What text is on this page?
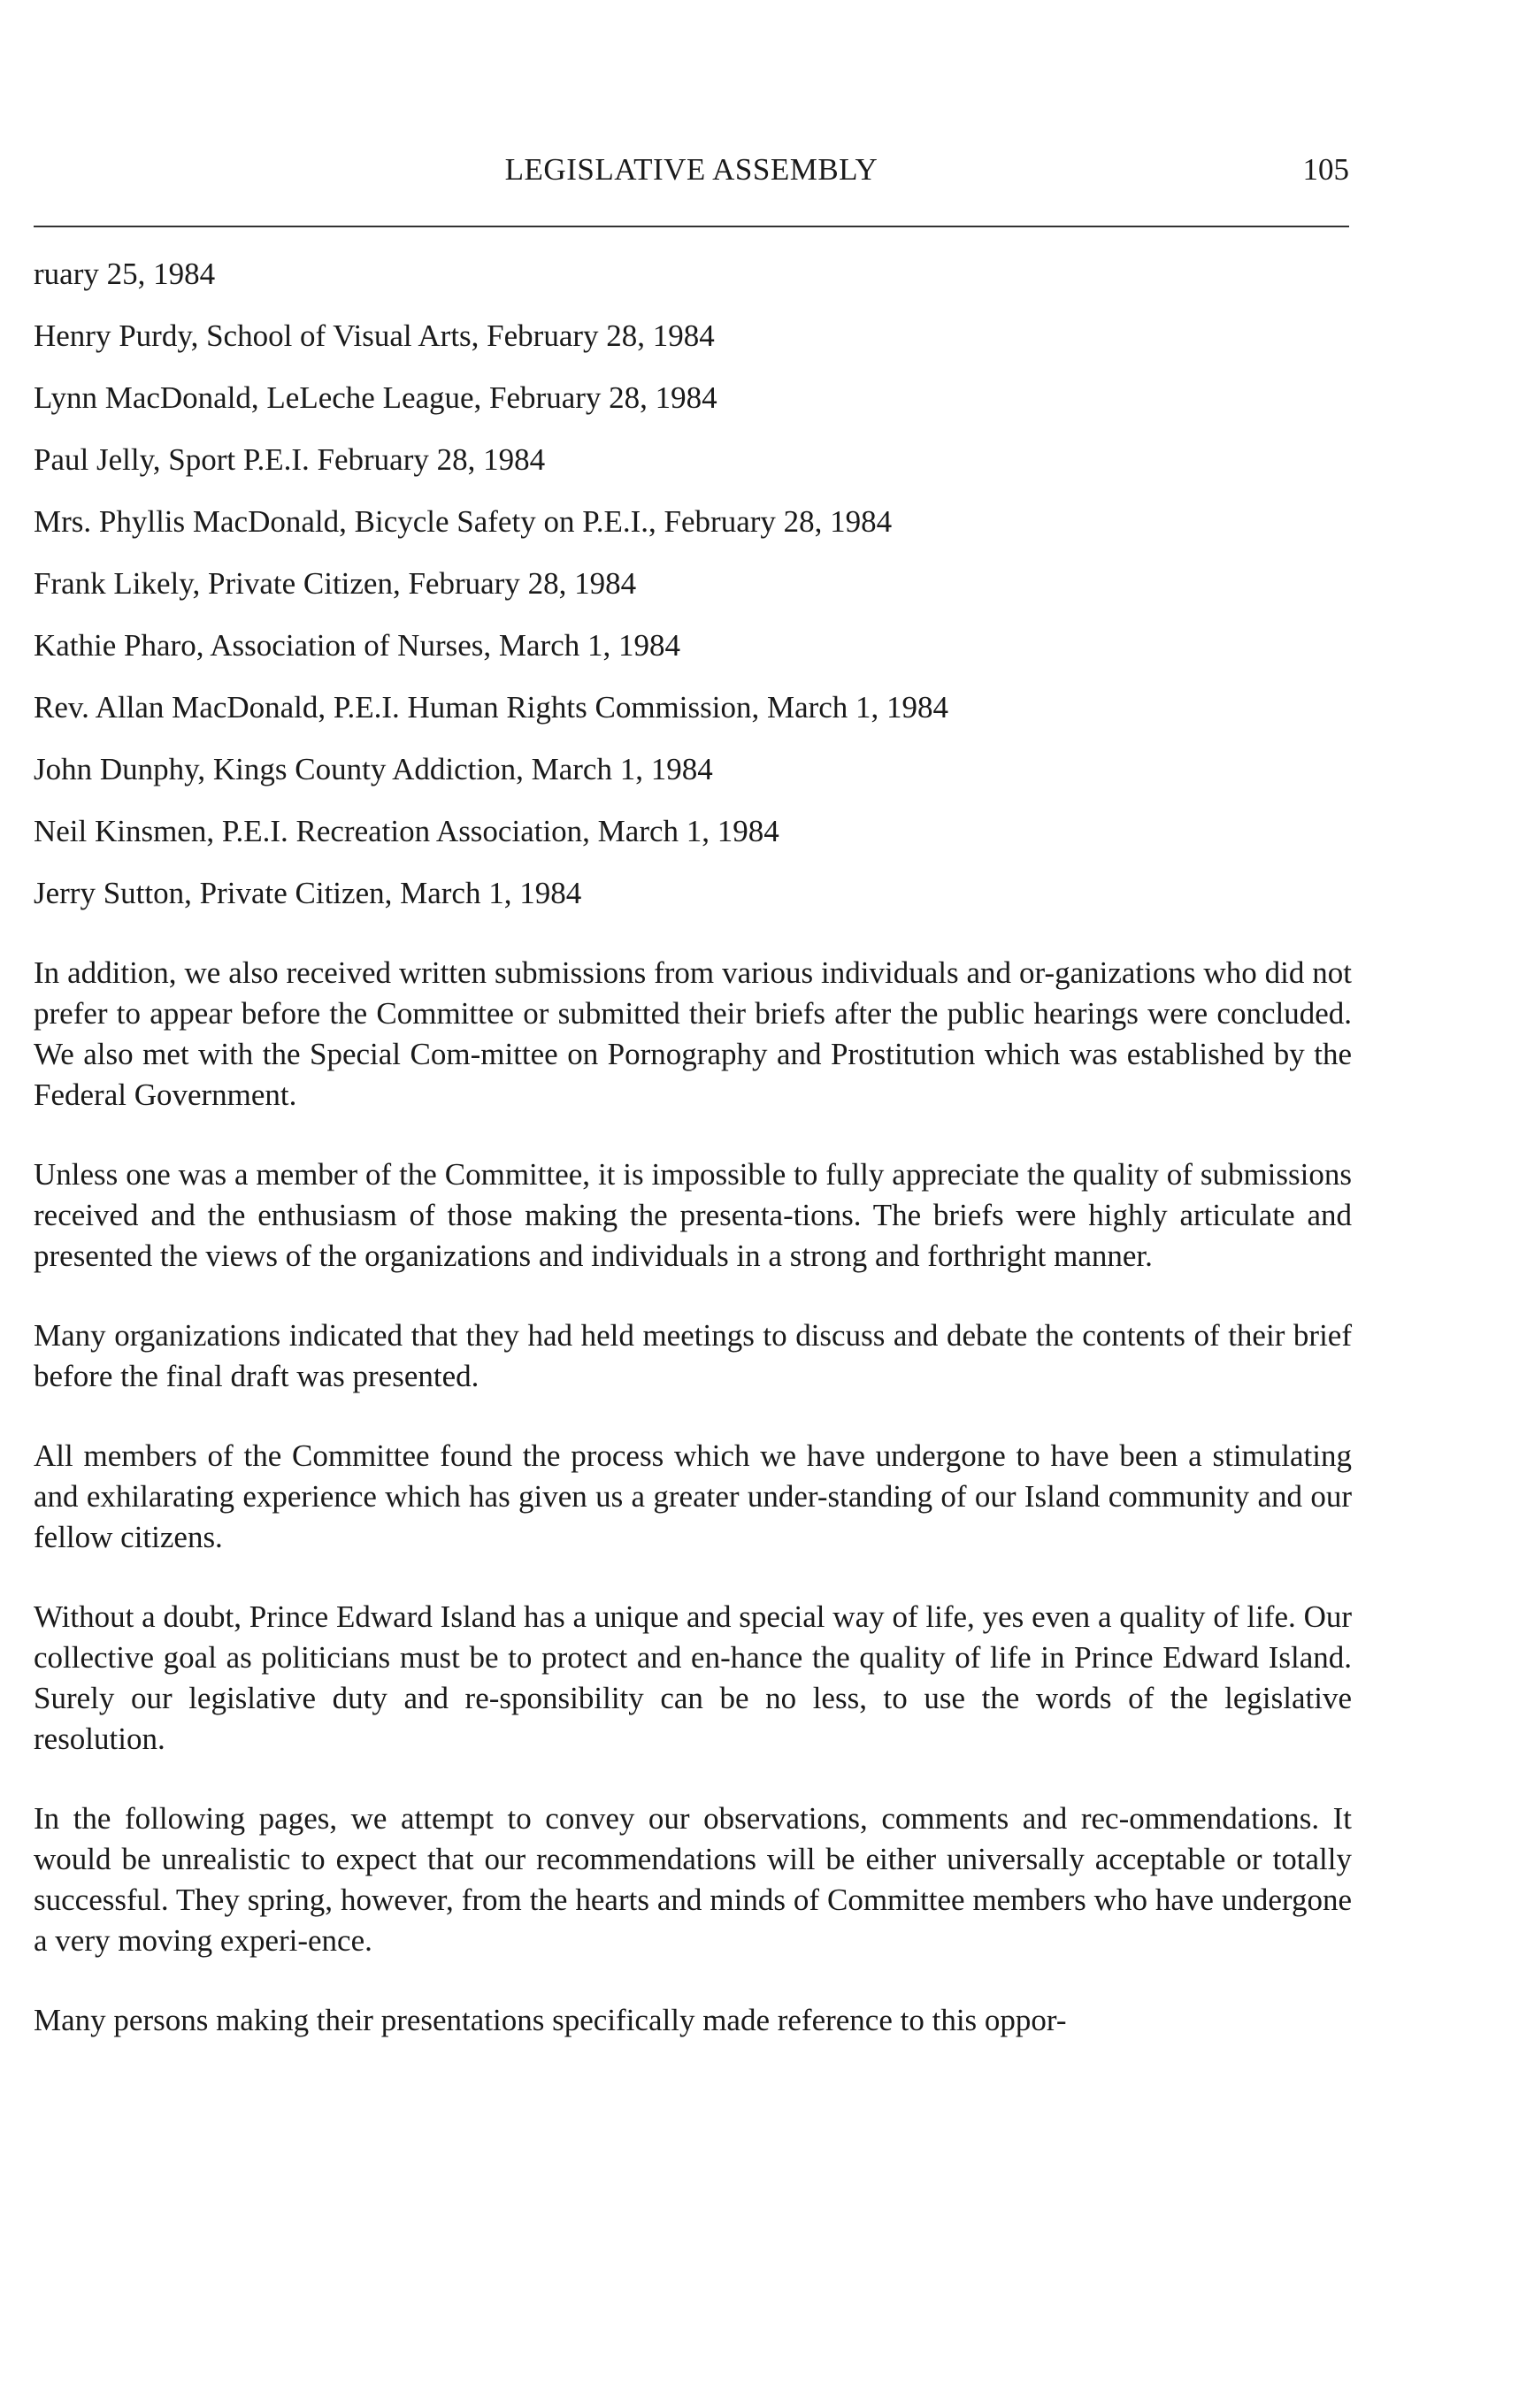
LEGISLATIVE ASSEMBLY	105
ruary 25, 1984
Henry Purdy, School of Visual Arts, February 28, 1984
Lynn MacDonald, LeLeche League, February 28, 1984
Paul Jelly, Sport P.E.I. February 28, 1984
Mrs. Phyllis MacDonald, Bicycle Safety on P.E.I., February 28, 1984
Frank Likely, Private Citizen, February 28, 1984
Kathie Pharo, Association of Nurses, March 1, 1984
Rev. Allan MacDonald, P.E.I. Human Rights Commission, March 1, 1984
John Dunphy, Kings County Addiction, March 1, 1984
Neil Kinsmen, P.E.I. Recreation Association, March 1, 1984
Jerry Sutton, Private Citizen, March 1, 1984

In addition, we also received written submissions from various individuals and or-ganizations who did not prefer to appear before the Committee or submitted their briefs after the public hearings were concluded. We also met with the Special Com-mittee on Pornography and Prostitution which was established by the Federal Government.

Unless one was a member of the Committee, it is impossible to fully appreciate the quality of submissions received and the enthusiasm of those making the presenta-tions. The briefs were highly articulate and presented the views of the organizations and individuals in a strong and forthright manner.

Many organizations indicated that they had held meetings to discuss and debate the contents of their brief before the final draft was presented.

All members of the Committee found the process which we have undergone to have been a stimulating and exhilarating experience which has given us a greater under-standing of our Island community and our fellow citizens.

Without a doubt, Prince Edward Island has a unique and special way of life, yes even a quality of life. Our collective goal as politicians must be to protect and en-hance the quality of life in Prince Edward Island. Surely our legislative duty and re-sponsibility can be no less, to use the words of the legislative resolution.

In the following pages, we attempt to convey our observations, comments and rec-ommendations. It would be unrealistic to expect that our recommendations will be either universally acceptable or totally successful. They spring, however, from the hearts and minds of Committee members who have undergone a very moving experi-ence.

Many persons making their presentations specifically made reference to this oppor-
